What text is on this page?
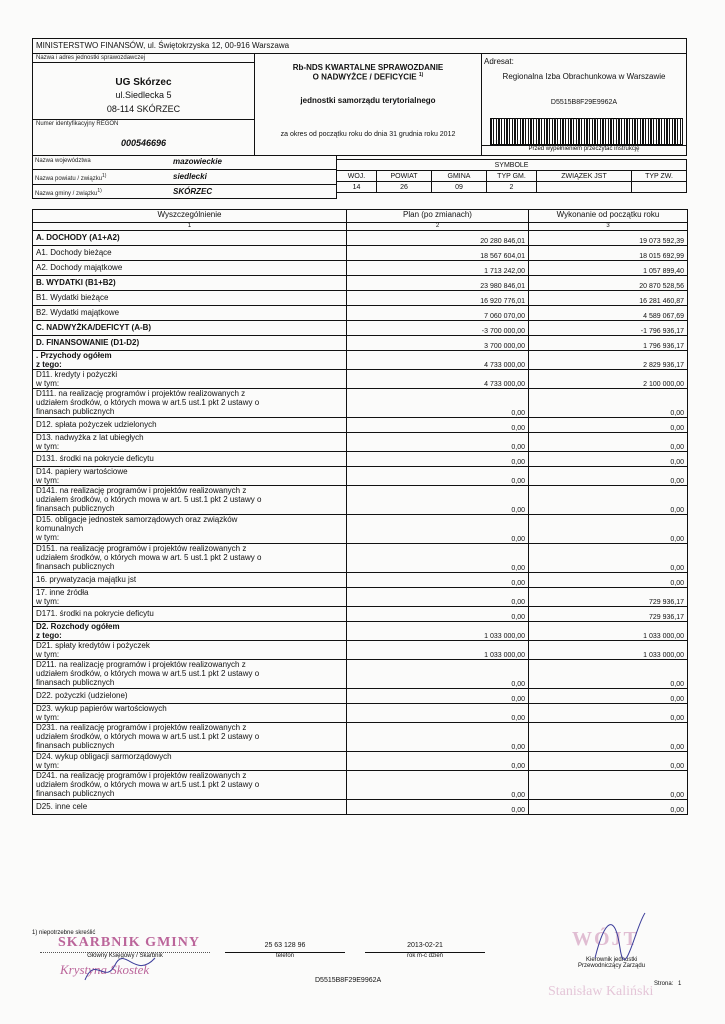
MINISTERSTWO FINANSÓW, ul. Świętokrzyska 12, 00-916 Warszawa
Nazwa i adres jednostki sprawozdawczej
UG Skórzec
ul.Siedlecka 5
08-114 SKÓRZEC
Numer identyfikacyjny REGON
000546696
Rb-NDS KWARTALNE SPRAWOZDANIE
O NADWYŻCE / DEFICYCIE $^{1)}$
jednostki samorządu terytorialnego
za okres od początku roku do dnia 31 grudnia roku 2012
Adresat:
Regionalna Izba Obrachunkowa w Warszawie
D5515B8F29E9962A
Przed wypełnieniem przeczytać instrukcję
Nazwa województwa	mazowieckie
Nazwa powiatu / związku$^{1)}$	siedlecki
Nazwa gminy / związku$^{1)}$	SKÓRZEC
SYMBOLE					
WOJ.	POWIAT	GMINA	TYP GM.	ZWIĄZEK JST	TYP ZW.
14	26	09	2		
Wyszczególnienie	Plan (po zmianach)	Wykonanie od początku roku
1	2	3
A. DOCHODY (A1+A2)	20 280 846,01	19 073 592,39
A1. Dochody bieżące	18 567 604,01	18 015 692,99
A2. Dochody majątkowe	1 713 242,00	1 057 899,40
B. WYDATKI (B1+B2)	23 980 846,01	20 870 528,56
B1. Wydatki bieżące	16 920 776,01	16 281 460,87
B2. Wydatki majątkowe	7 060 070,00	4 589 067,69
C. NADWYŻKA/DEFICYT (A-B)	-3 700 000,00	-1 796 936,17
D. FINANSOWANIE (D1-D2)	3 700 000,00	1 796 936,17
. Przychody ogółem
z tego:	4 733 000,00	2 829 936,17
D11. kredyty i pożyczki
w tym:	4 733 000,00	2 100 000,00
D111. na realizację programów i projektów realizowanych z
udziałem środków, o których mowa w art.5 ust.1 pkt 2 ustawy o
finansach publicznych	0,00	0,00
D12. spłata pożyczek udzielonych	0,00	0,00
D13. nadwyżka z lat ubiegłych
w tym:	0,00	0,00
D131. środki na pokrycie deficytu	0,00	0,00
D14. papiery wartościowe
w tym:	0,00	0,00
D141. na realizację programów i projektów realizowanych z
udziałem środków, o których mowa w art. 5 ust.1 pkt 2 ustawy o
finansach publicznych	0,00	0,00
D15. obligacje jednostek samorządowych oraz związków
komunalnych
w tym:	0,00	0,00
D151. na realizację programów i projektów realizowanych z
udziałem środków, o których mowa w art. 5 ust.1 pkt 2 ustawy o
finansach publicznych	0,00	0,00
16. prywatyzacja majątku jst	0,00	0,00
17. inne źródła
w tym:	0,00	729 936,17
D171. środki na pokrycie deficytu	0,00	729 936,17
D2. Rozchody ogółem
z tego:	1 033 000,00	1 033 000,00
D21. spłaty kredytów i pożyczek
w tym:	1 033 000,00	1 033 000,00
D211. na realizację programów i projektów realizowanych z
udziałem środków, o których mowa w art.5 ust.1 pkt 2 ustawy o
finansach publicznych	0,00	0,00
D22. pożyczki (udzielone)	0,00	0,00
D23. wykup papierów wartościowych
w tym:	0,00	0,00
D231. na realizację programów i projektów realizowanych z
udziałem środków, o których mowa w art.5 ust.1 pkt 2 ustawy o
finansach publicznych	0,00	0,00
D24. wykup obligacji sarmorządowych
w tym:	0,00	0,00
D241. na realizację programów i projektów realizowanych z
udziałem środków, o których mowa w art.5 ust.1 pkt 2 ustawy o
finansach publicznych	0,00	0,00
D25. inne cele	0,00	0,00
1) niepotrzebne skreślić
SKARBNIK GMINY
Główny Księgowy / Skarbnik
Krystyna Skostek
25 63 128 96
telefon
2013-02-21
rok m-c dzień
D5515B8F29E9962A
WÓJT
Kierownik jednostki
Przewodniczący Zarządu
Stanisław Kaliński Strona: 1
